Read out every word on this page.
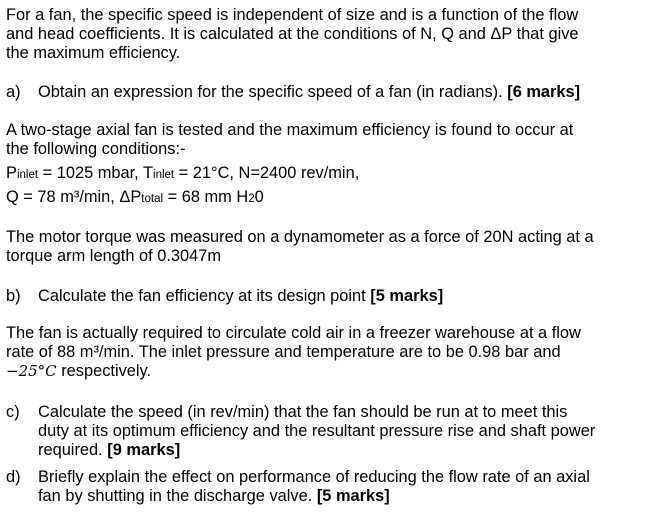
For a fan, the specific speed is independent of size and is a function of the flow
and head coefficients. It is calculated at the conditions of N, Q and ΔP that give
the maximum efficiency.
a)	Obtain an expression for the specific speed of a fan (in radians). [6 marks]
A two-stage axial fan is tested and the maximum efficiency is found to occur at
the following conditions:-
Pinlet = 1025 mbar, Tinlet = 21°C, N=2400 rev/min,
Q = 78 m³/min, ΔPtotal = 68 mm H20
The motor torque was measured on a dynamometer as a force of 20N acting at a
torque arm length of 0.3047m
b)	Calculate the fan efficiency at its design point [5 marks]
The fan is actually required to circulate cold air in a freezer warehouse at a flow
rate of 88 m³/min. The inlet pressure and temperature are to be 0.98 bar and
−25°C respectively.
c)	Calculate the speed (in rev/min) that the fan should be run at to meet this
duty at its optimum efficiency and the resultant pressure rise and shaft power
required. [9 marks]
d)	Briefly explain the effect on performance of reducing the flow rate of an axial
fan by shutting in the discharge valve. [5 marks]
